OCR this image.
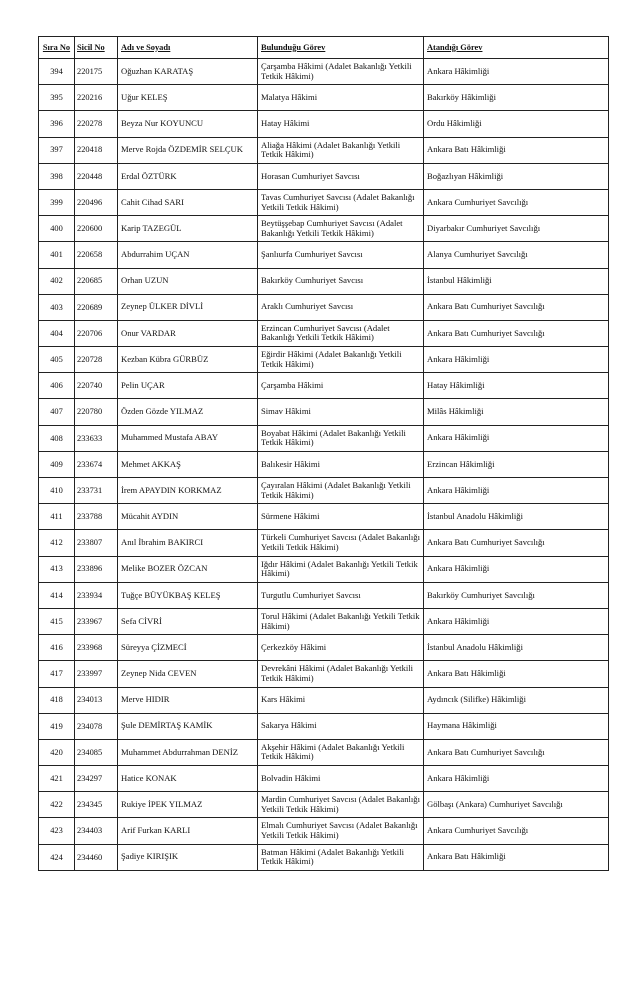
Sıra No	Sicil No	Adı ve Soyadı	Bulunduğu Görev	Atandığı Görev
394	220175	Oğuzhan KARATAŞ	Çarşamba Hâkimi (Adalet Bakanlığı Yetkili Tetkik Hâkimi)	Ankara Hâkimliği
395	220216	Uğur KELEŞ	Malatya Hâkimi	Bakırköy Hâkimliği
396	220278	Beyza Nur KOYUNCU	Hatay Hâkimi	Ordu Hâkimliği
397	220418	Merve Rojda ÖZDEMİR SELÇUK	Aliağa Hâkimi (Adalet Bakanlığı Yetkili Tetkik Hâkimi)	Ankara Batı Hâkimliği
398	220448	Erdal ÖZTÜRK	Horasan Cumhuriyet Savcısı	Boğazlıyan Hâkimliği
399	220496	Cahit Cihad SARI	Tavas Cumhuriyet Savcısı (Adalet Bakanlığı Yetkili Tetkik Hâkimi)	Ankara Cumhuriyet Savcılığı
400	220600	Karip TAZEGÜL	Beytüşşebap Cumhuriyet Savcısı (Adalet Bakanlığı Yetkili Tetkik Hâkimi)	Diyarbakır Cumhuriyet Savcılığı
401	220658	Abdurrahim UÇAN	Şanlıurfa Cumhuriyet Savcısı	Alanya Cumhuriyet Savcılığı
402	220685	Orhan UZUN	Bakırköy Cumhuriyet Savcısı	İstanbul Hâkimliği
403	220689	Zeynep ÜLKER DİVLİ	Araklı Cumhuriyet Savcısı	Ankara Batı Cumhuriyet Savcılığı
404	220706	Onur VARDAR	Erzincan Cumhuriyet Savcısı (Adalet Bakanlığı Yetkili Tetkik Hâkimi)	Ankara Batı Cumhuriyet Savcılığı
405	220728	Kezban Kübra GÜRBÜZ	Eğirdir Hâkimi (Adalet Bakanlığı Yetkili Tetkik Hâkimi)	Ankara Hâkimliği
406	220740	Pelin UÇAR	Çarşamba Hâkimi	Hatay Hâkimliği
407	220780	Özden Gözde YILMAZ	Simav Hâkimi	Milâs Hâkimliği
408	233633	Muhammed Mustafa ABAY	Boyabat Hâkimi (Adalet Bakanlığı Yetkili Tetkik Hâkimi)	Ankara Hâkimliği
409	233674	Mehmet AKKAŞ	Balıkesir Hâkimi	Erzincan Hâkimliği
410	233731	İrem APAYDIN KORKMAZ	Çayıralan Hâkimi (Adalet Bakanlığı Yetkili Tetkik Hâkimi)	Ankara Hâkimliği
411	233788	Mücahit AYDIN	Sürmene Hâkimi	İstanbul Anadolu Hâkimliği
412	233807	Anıl İbrahim BAKIRCI	Türkeli Cumhuriyet Savcısı (Adalet Bakanlığı Yetkili Tetkik Hâkimi)	Ankara Batı Cumhuriyet Savcılığı
413	233896	Melike BOZER ÖZCAN	Iğdır Hâkimi (Adalet Bakanlığı Yetkili Tetkik Hâkimi)	Ankara Hâkimliği
414	233934	Tuğçe BÜYÜKBAŞ KELEŞ	Turgutlu Cumhuriyet Savcısı	Bakırköy Cumhuriyet Savcılığı
415	233967	Sefa CİVRİ	Torul Hâkimi (Adalet Bakanlığı Yetkili Tetkik Hâkimi)	Ankara Hâkimliği
416	233968	Süreyya ÇİZMECİ	Çerkezköy Hâkimi	İstanbul Anadolu Hâkimliği
417	233997	Zeynep Nida CEVEN	Devrekâni Hâkimi (Adalet Bakanlığı Yetkili Tetkik Hâkimi)	Ankara Batı Hâkimliği
418	234013	Merve HIDIR	Kars Hâkimi	Aydıncık (Silifke) Hâkimliği
419	234078	Şule DEMİRTAŞ KAMİK	Sakarya Hâkimi	Haymana Hâkimliği
420	234085	Muhammet Abdurrahman DENİZ	Akşehir Hâkimi (Adalet Bakanlığı Yetkili Tetkik Hâkimi)	Ankara Batı Cumhuriyet Savcılığı
421	234297	Hatice KONAK	Bolvadin Hâkimi	Ankara Hâkimliği
422	234345	Rukiye İPEK YILMAZ	Mardin Cumhuriyet Savcısı (Adalet Bakanlığı Yetkili Tetkik Hâkimi)	Gölbaşı (Ankara) Cumhuriyet Savcılığı
423	234403	Arif Furkan KARLI	Elmalı Cumhuriyet Savcısı (Adalet Bakanlığı Yetkili Tetkik Hâkimi)	Ankara Cumhuriyet Savcılığı
424	234460	Şadiye KIRIŞIK	Batman Hâkimi (Adalet Bakanlığı Yetkili Tetkik Hâkimi)	Ankara Batı Hâkimliği
